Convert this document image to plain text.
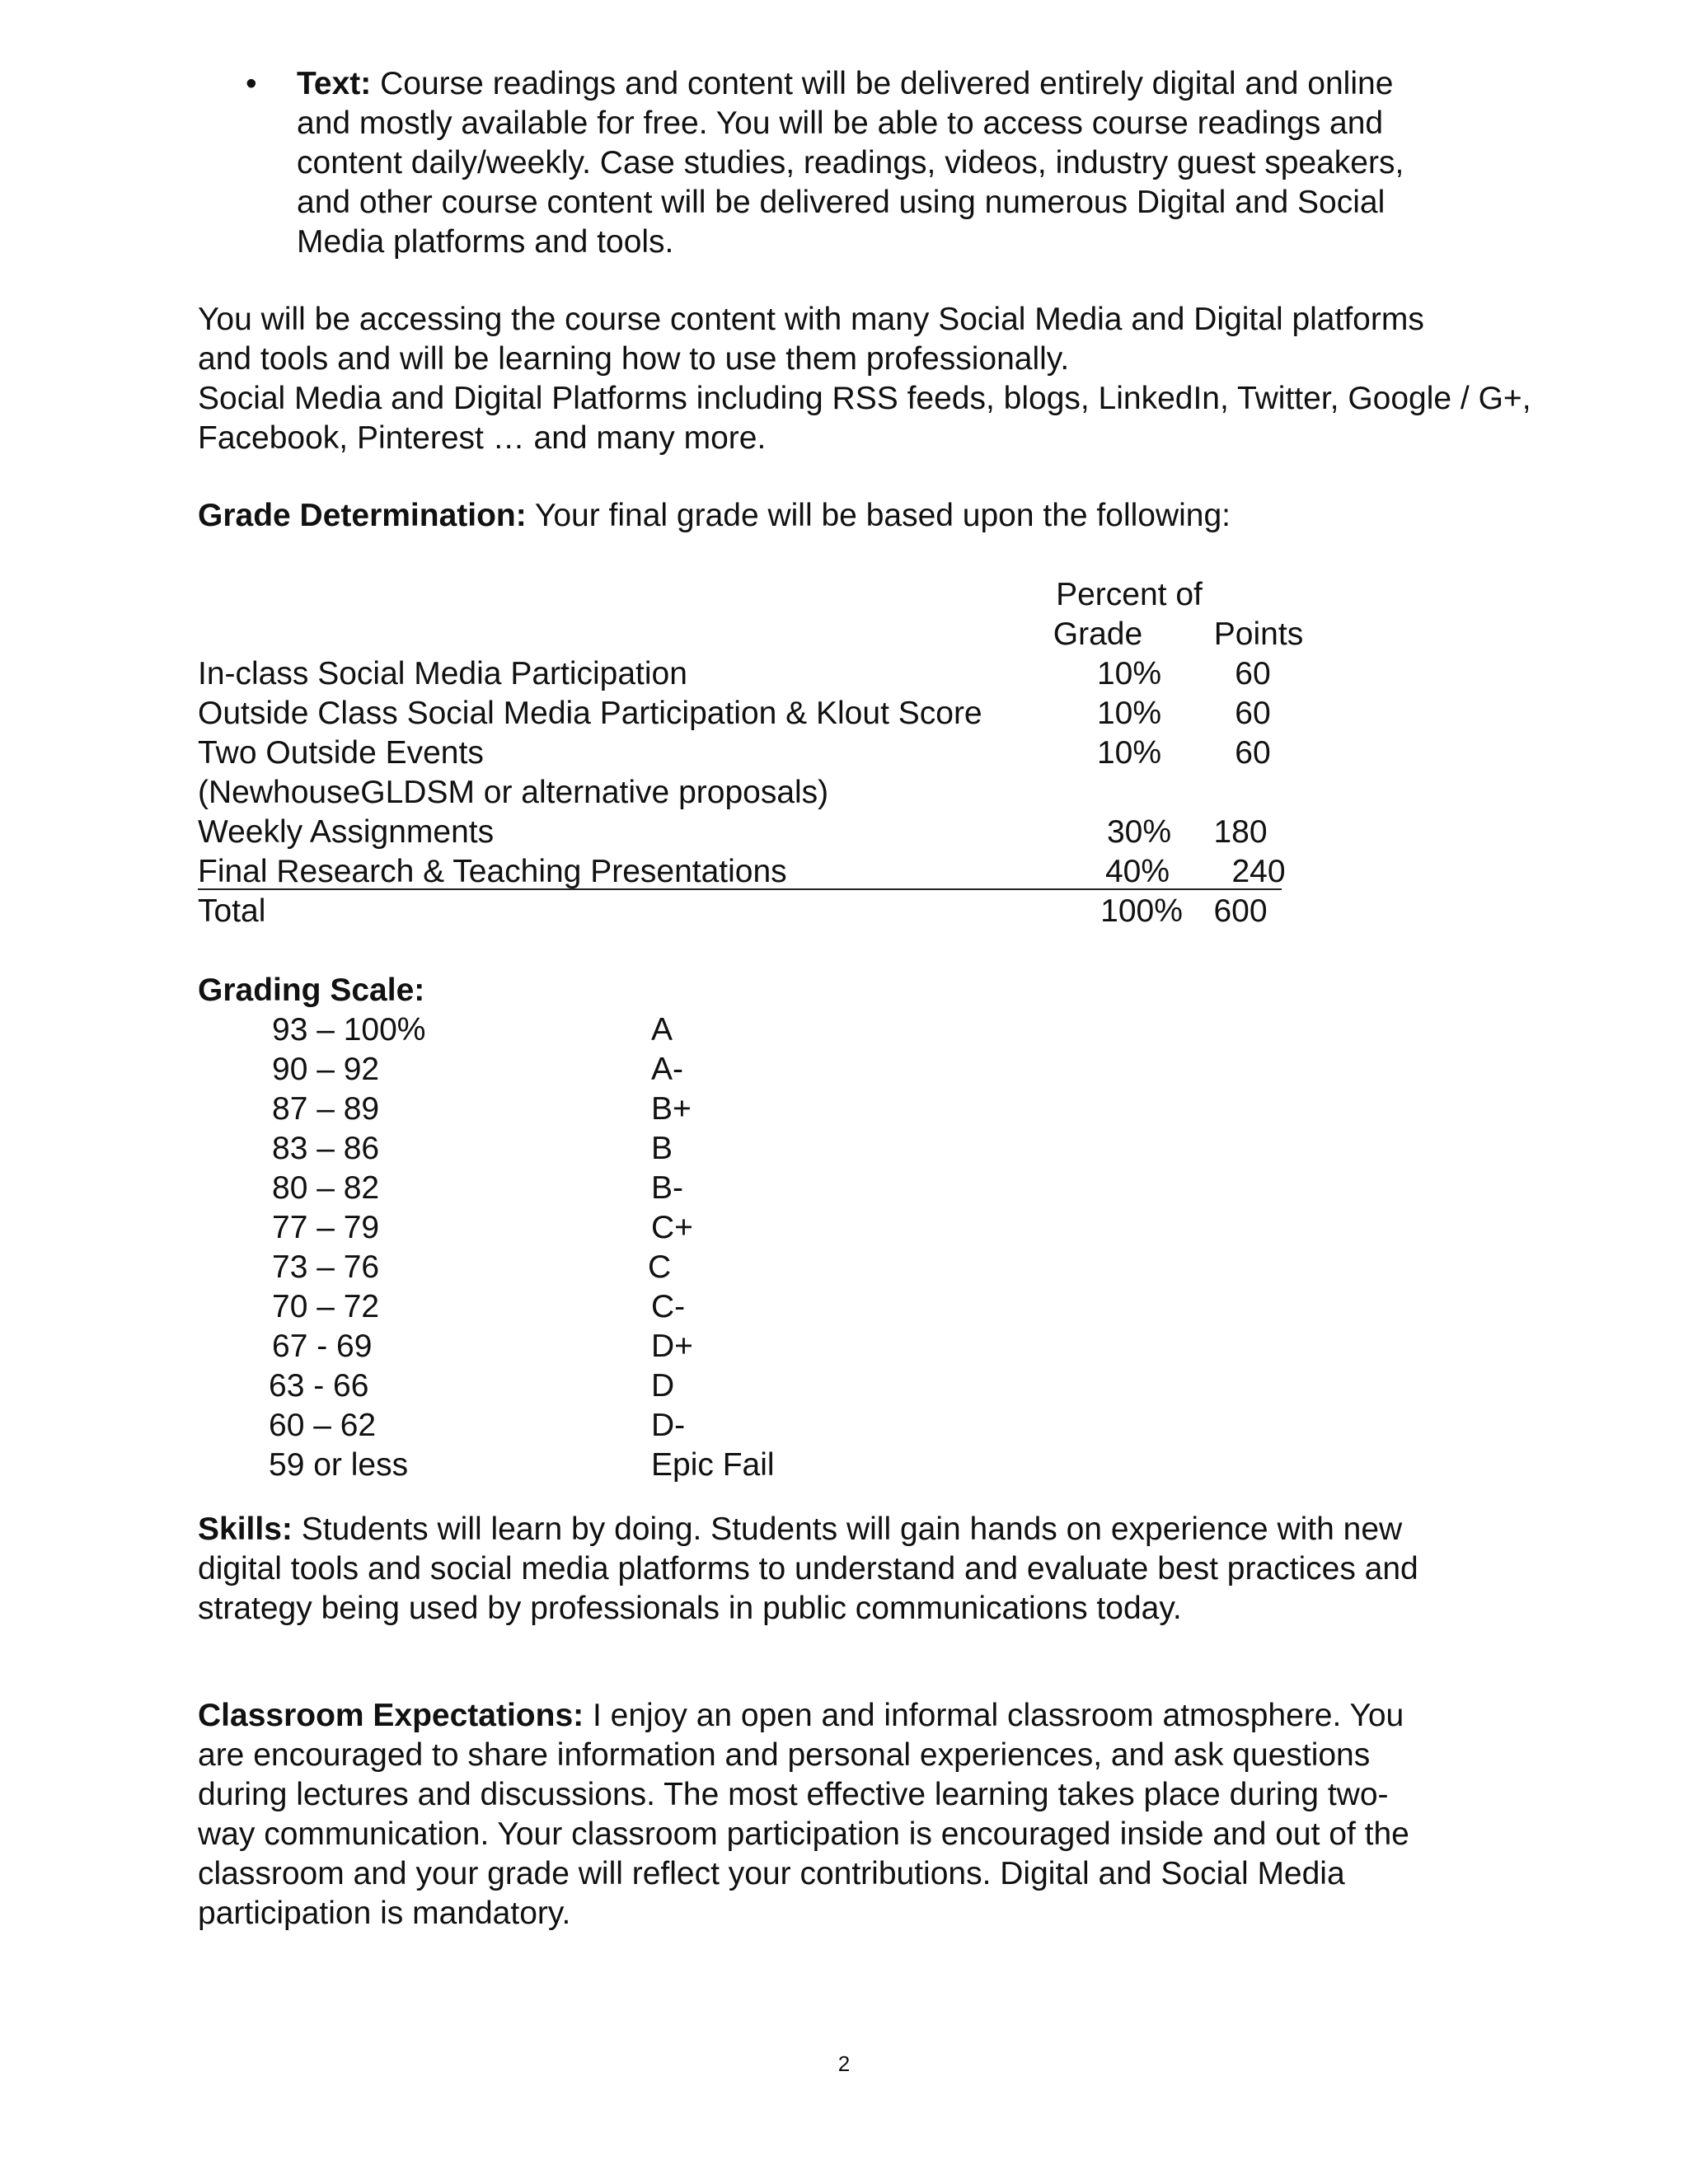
•	Text: Course readings and content will be delivered entirely digital and online
and mostly available for free. You will be able to access course readings and
content daily/weekly. Case studies, readings, videos, industry guest speakers,
and other course content will be delivered using numerous Digital and Social
Media platforms and tools.
You will be accessing the course content with many Social Media and Digital platforms
and tools and will be learning how to use them professionally.
Social Media and Digital Platforms including RSS feeds, blogs, LinkedIn, Twitter, Google / G+,
Facebook, Pinterest … and many more.
Grade Determination: Your final grade will be based upon the following:
Percent of
Grade	Points
In-class Social Media Participation	10%	60
Outside Class Social Media Participation & Klout Score	10%	60
Two Outside Events	10%	60
(NewhouseGLDSM or alternative proposals)
Weekly Assignments	30%	180
Final Research & Teaching Presentations	40%	240
Total	100% 600
Grading Scale:
93 – 100%	A
90 – 92	A-
87 – 89	B+
83 – 86	B
80 – 82	B-
77 – 79	C+
73 – 76	C
70 – 72	C-
67 - 69	D+
63 - 66	D
60 – 62	D-
59 or less	Epic Fail
Skills: Students will learn by doing. Students will gain hands on experience with new
digital tools and social media platforms to understand and evaluate best practices and
strategy being used by professionals in public communications today.
Classroom Expectations: I enjoy an open and informal classroom atmosphere. You
are encouraged to share information and personal experiences, and ask questions
during lectures and discussions. The most effective learning takes place during two-
way communication. Your classroom participation is encouraged inside and out of the
classroom and your grade will reflect your contributions. Digital and Social Media
participation is mandatory.
2
